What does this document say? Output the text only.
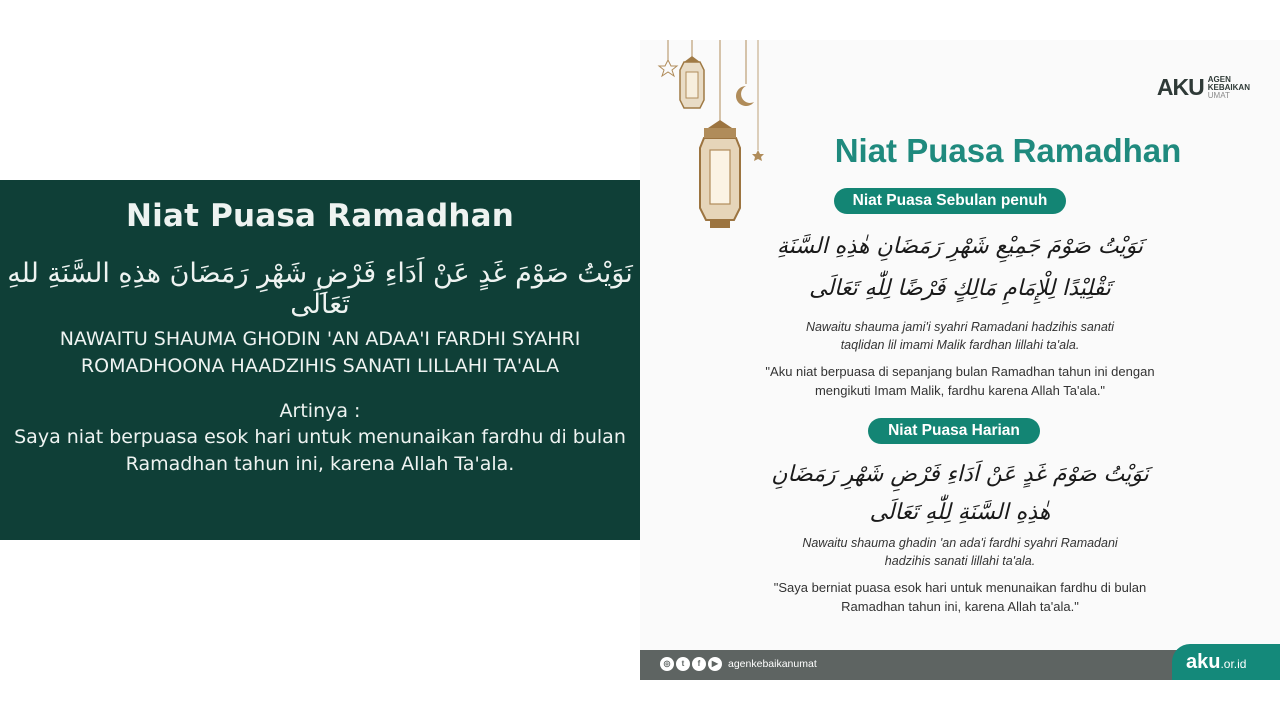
Niat Puasa Ramadhan
نَوَيْتُ صَوْمَ غَدٍ عَنْ اَدَاءِ فَرْضِ شَهْرِ رَمَضَانَ هذِهِ السَّنَةِ للهِ تَعَالَى
NAWAITU SHAUMA GHODIN 'AN ADAA'I FARDHI SYAHRI
ROMADHOONA HAADZIHIS SANATI LILLAHI TA'ALA
Artinya :
Saya niat berpuasa esok hari untuk menunaikan fardhu di bulan
Ramadhan tahun ini, karena Allah Ta'ala.
AKU AGEN
KEBAIKAN
UMAT
Niat Puasa Ramadhan
Niat Puasa Sebulan penuh
نَوَيْتُ صَوْمَ جَمِيْعِ شَهْرِ رَمَضَانِ هٰذِهِ السَّنَةِ
تَقْلِيْدًا لِلْإِمَامِ مَالِكٍ فَرْضًا لِلّٰهِ تَعَالَى
Nawaitu shauma jami'i syahri Ramadani hadzihis sanati
taqlidan lil imami Malik fardhan lillahi ta'ala.
"Aku niat berpuasa di sepanjang bulan Ramadhan tahun ini dengan
mengikuti Imam Malik, fardhu karena Allah Ta'ala."
Niat Puasa Harian
نَوَيْتُ صَوْمَ غَدٍ عَنْ اَدَاءِ فَرْضِ شَهْرِ رَمَضَانِ
هٰذِهِ السَّنَةِ لِلّٰهِ تَعَالَى
Nawaitu shauma ghadin 'an ada'i fardhi syahri Ramadani
hadzihis sanati lillahi ta'ala.
"Saya berniat puasa esok hari untuk menunaikan fardhu di bulan
Ramadhan tahun ini, karena Allah ta'ala."
◎	t	f	▶ agenkebaikanumat	aku.or.id
